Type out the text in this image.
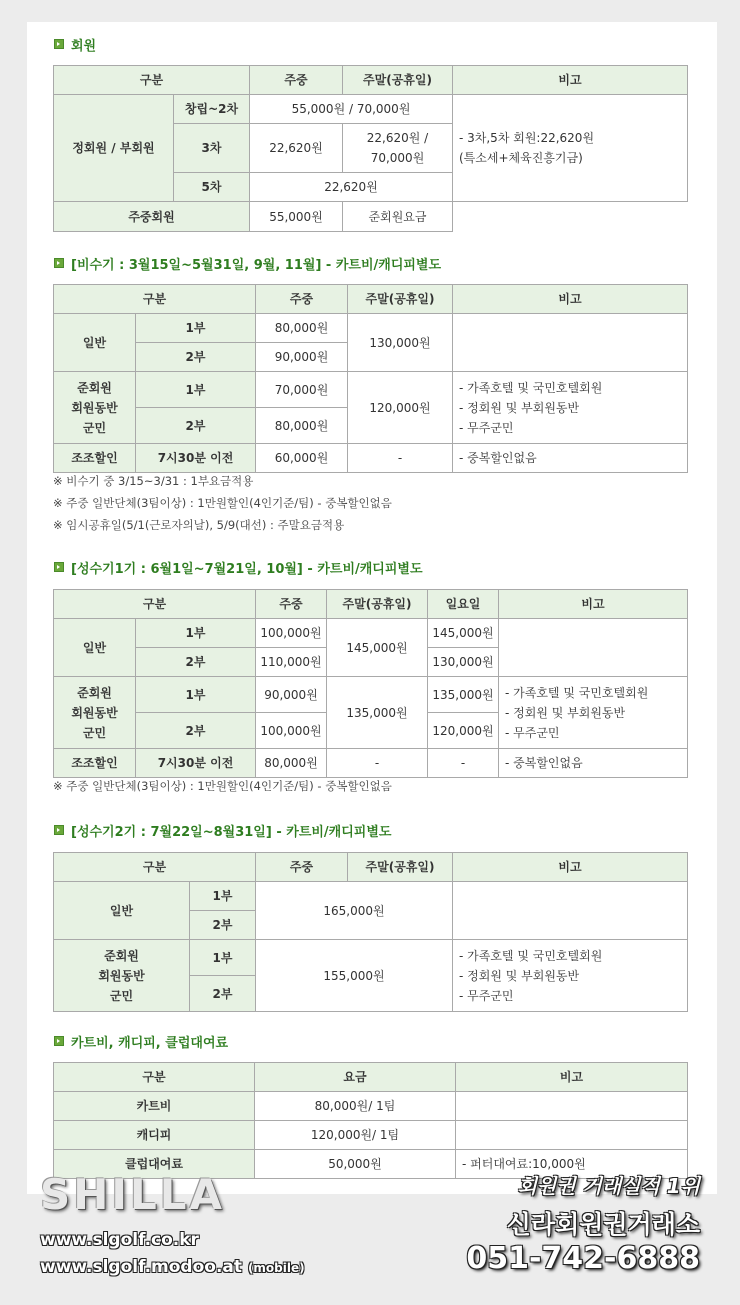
회원
구분		주중	주말(공휴일)	비고
정회원 / 부회원	창립~2차	55,000원 / 70,000원		- 3차,5차 회원:22,620원
(특소세+체육진흥기금)
	3차	22,620원	22,620원 /
70,000원	
	5차	22,620원		
주중회원		55,000원	준회원요금	
[비수기 : 3월15일~5월31일, 9월, 11월] - 카트비/캐디피별도
구분		주중	주말(공휴일)	비고
일반	1부	80,000원	130,000원	
	2부	90,000원		
준회원
회원동반
군민	1부	70,000원	120,000원	- 가족호텔 및 국민호텔회원
- 정회원 및 부회원동반
- 무주군민
	2부	80,000원		
조조할인	7시30분 이전	60,000원	-	- 중복할인없음
※ 비수기 중 3/15~3/31 : 1부요금적용
※ 주중 일반단체(3팀이상) : 1만원할인(4인기준/팀) - 중복할인없음
※ 임시공휴일(5/1(근로자의날), 5/9(대선) : 주말요금적용
[성수기1기 : 6월1일~7월21일, 10월] - 카트비/캐디피별도
구분		주중	주말(공휴일)	일요일	비고
일반	1부	100,000원	145,000원	145,000원	
	2부	110,000원		130,000원	
준회원
회원동반
군민	1부	90,000원	135,000원	135,000원	- 가족호텔 및 국민호텔회원
- 정회원 및 부회원동반
- 무주군민
	2부	100,000원		120,000원	
조조할인	7시30분 이전	80,000원	-	-	- 중복할인없음
※ 주중 일반단체(3팀이상) : 1만원할인(4인기준/팀) - 중복할인없음
[성수기2기 : 7월22일~8월31일] - 카트비/캐디피별도
구분		주중	주말(공휴일)	비고
일반	1부	165,000원		
	2부			
준회원
회원동반
군민	1부	155,000원		- 가족호텔 및 국민호텔회원
- 정회원 및 부회원동반
- 무주군민
	2부			
카트비, 캐디피, 클럽대여료
구분	요금	비고
카트비	80,000원/ 1팀	
캐디피	120,000원/ 1팀	
클럽대여료	50,000원	- 퍼터대여료:10,000원
SHILLA
www.slgolf.co.kr
www.slgolf.modoo.at (mobile)
회원권 거래실적 1위
신라회원권거래소
051-742-6888
